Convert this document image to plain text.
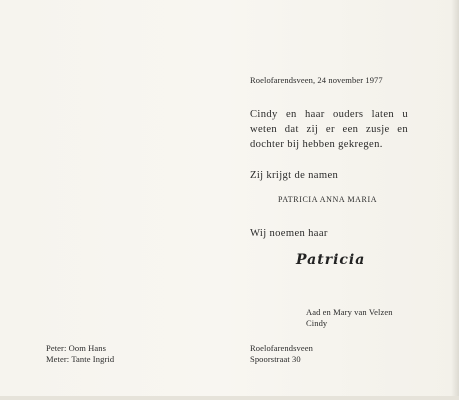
Roelofarendsveen, 24 november 1977
Cindy en haar ouders laten u
weten dat zij er een zusje en
dochter bij hebben gekregen.
Zij krijgt de namen
PATRICIA ANNA MARIA
Wij noemen haar
Patricia
Aad en Mary van Velzen
Cindy
Peter: Oom Hans
Meter: Tante Ingrid
Roelofarendsveen
Spoorstraat 30
